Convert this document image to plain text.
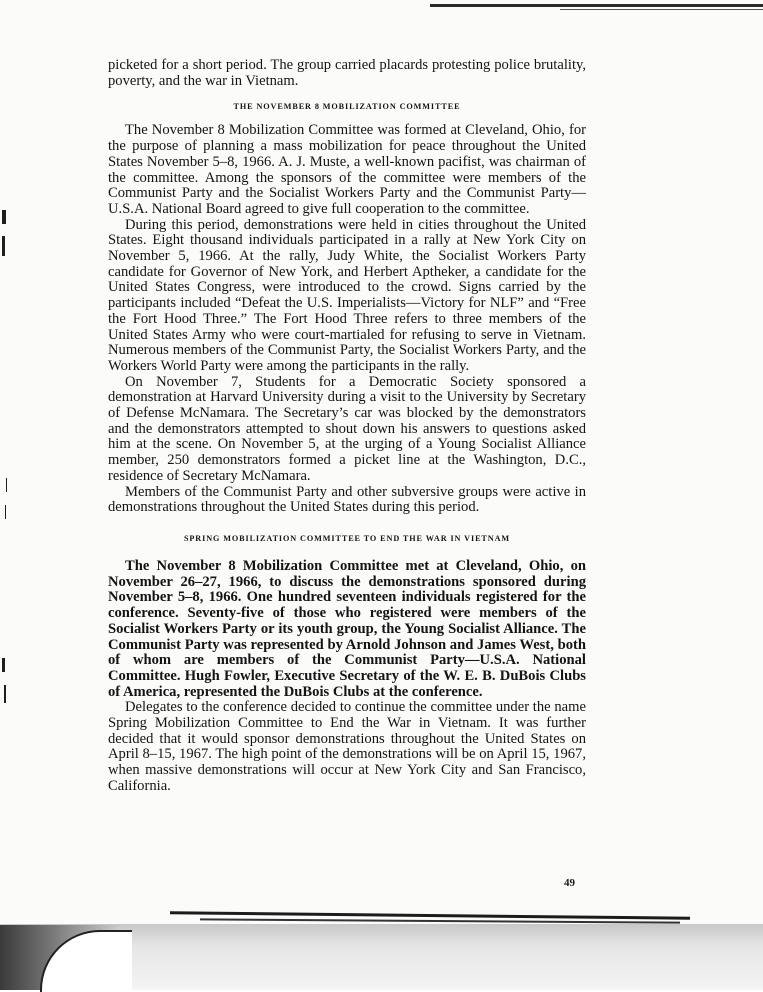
picketed for a short period. The group carried placards protesting police brutality, poverty, and the war in Vietnam.

THE NOVEMBER 8 MOBILIZATION COMMITTEE

The November 8 Mobilization Committee was formed at Cleveland, Ohio, for the purpose of planning a mass mobilization for peace throughout the United States November 5–8, 1966. A. J. Muste, a well-known pacifist, was chairman of the committee. Among the sponsors of the committee were members of the Communist Party and the Socialist Workers Party and the Communist Party—U.S.A. National Board agreed to give full cooperation to the committee.

During this period, demonstrations were held in cities throughout the United States. Eight thousand individuals participated in a rally at New York City on November 5, 1966. At the rally, Judy White, the Socialist Workers Party candidate for Governor of New York, and Herbert Aptheker, a candidate for the United States Congress, were introduced to the crowd. Signs carried by the participants included “Defeat the U.S. Imperialists—Victory for NLF” and “Free the Fort Hood Three.” The Fort Hood Three refers to three members of the United States Army who were court-martialed for refusing to serve in Vietnam. Numerous members of the Communist Party, the Socialist Workers Party, and the Workers World Party were among the participants in the rally.

On November 7, Students for a Democratic Society sponsored a demonstration at Harvard University during a visit to the University by Secretary of Defense McNamara. The Secretary’s car was blocked by the demonstrators and the demonstrators attempted to shout down his answers to questions asked him at the scene. On November 5, at the urging of a Young Socialist Alliance member, 250 demonstrators formed a picket line at the Washington, D.C., residence of Secretary McNamara.

Members of the Communist Party and other subversive groups were active in demonstrations throughout the United States during this period.

SPRING MOBILIZATION COMMITTEE TO END THE WAR IN VIETNAM

The November 8 Mobilization Committee met at Cleveland, Ohio, on November 26–27, 1966, to discuss the demonstrations sponsored during November 5–8, 1966. One hundred seventeen individuals registered for the conference. Seventy-five of those who registered were members of the Socialist Workers Party or its youth group, the Young Socialist Alliance. The Communist Party was represented by Arnold Johnson and James West, both of whom are members of the Communist Party—U.S.A. National Committee. Hugh Fowler, Executive Secretary of the W. E. B. DuBois Clubs of America, represented the DuBois Clubs at the conference.

Delegates to the conference decided to continue the committee under the name Spring Mobilization Committee to End the War in Vietnam. It was further decided that it would sponsor demonstrations throughout the United States on April 8–15, 1967. The high point of the demonstrations will be on April 15, 1967, when massive demonstrations will occur at New York City and San Francisco, California.

49
